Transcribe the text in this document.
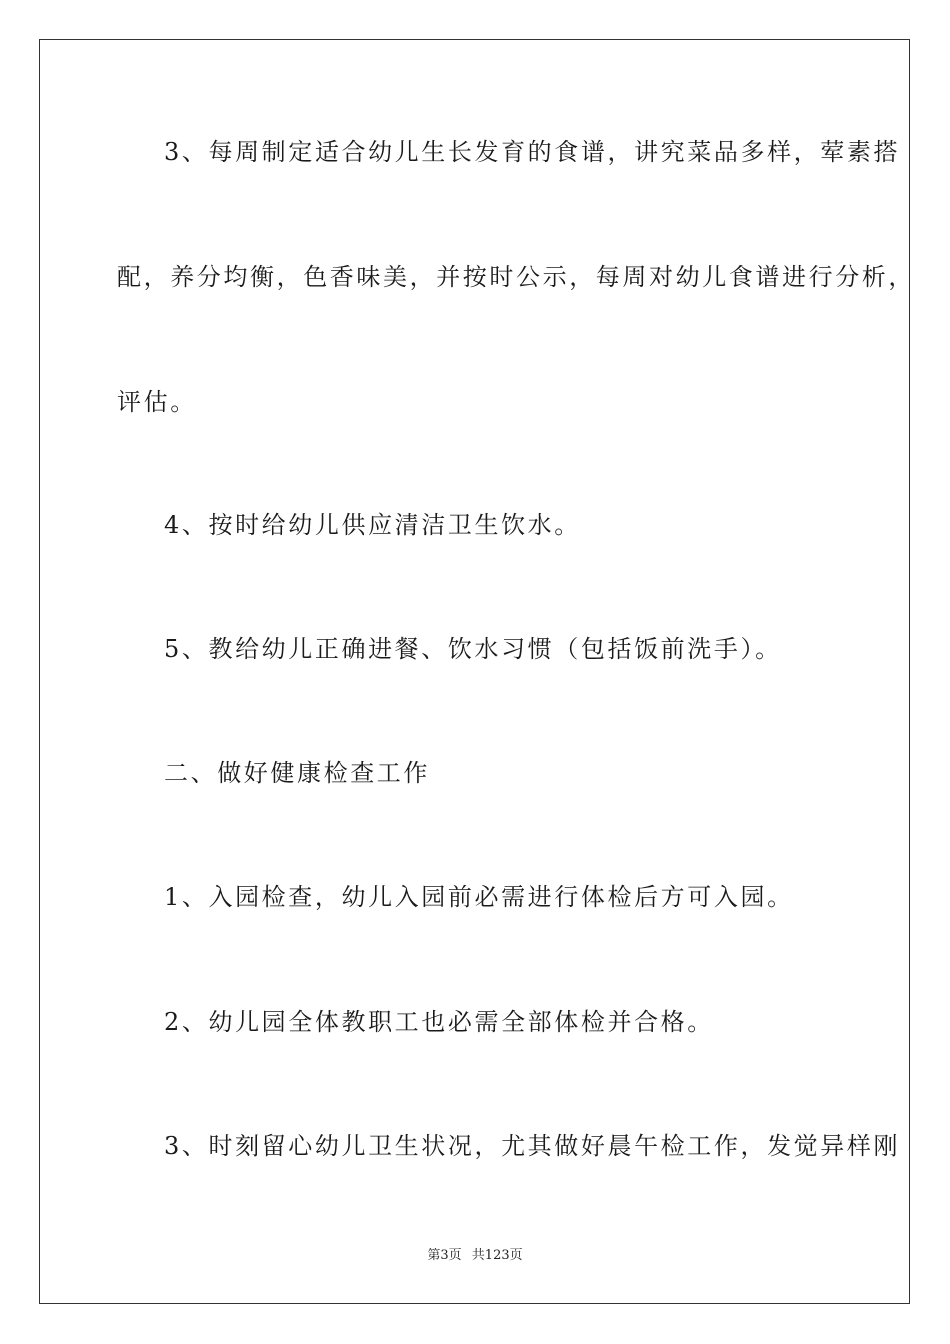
3、每周制定适合幼儿生长发育的食谱，讲究菜品多样，荤素搭
配，养分均衡，色香味美，并按时公示，每周对幼儿食谱进行分析，
评估。
4、按时给幼儿供应清洁卫生饮水。
5、教给幼儿正确进餐、饮水习惯（包括饭前洗手）。
二、做好健康检查工作
1、入园检查，幼儿入园前必需进行体检后方可入园。
2、幼儿园全体教职工也必需全部体检并合格。
3、时刻留心幼儿卫生状况，尤其做好晨午检工作，发觉异样刚
第3页 共123页
